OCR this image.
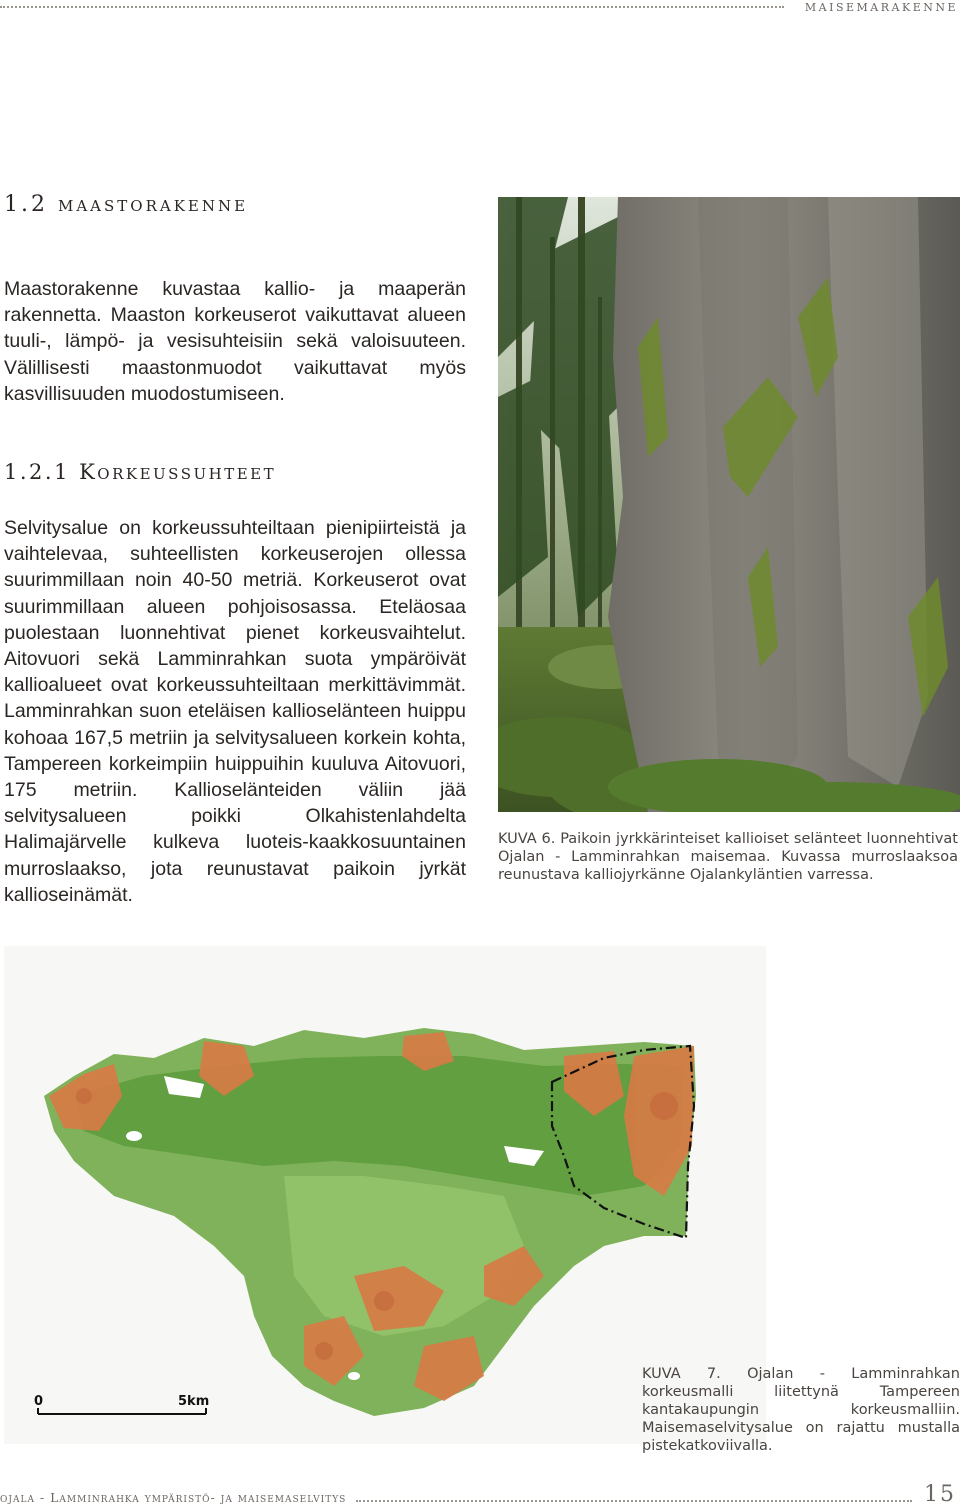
maisemarakenne
1.2 maastorakenne

Maastorakenne kuvastaa kallio- ja maaperän rakennetta. Maaston korkeuserot vaikuttavat alueen tuuli-, lämpö- ja vesisuhteisiin sekä valoisuuteen. Välillisesti maastonmuodot vaikuttavat myös kasvillisuuden muodostumiseen.

1.2.1 Korkeussuhteet

Selvitysalue on korkeussuhteiltaan pienipiirteistä ja vaihtelevaa, suhteellisten korkeuserojen ollessa suurimmillaan noin 40-50 metriä. Korkeuserot ovat suurimmillaan alueen pohjoisosassa. Eteläosaa puolestaan luonnehtivat pienet korkeusvaihtelut. Aitovuori sekä Lamminrahkan suota ympäröivät kallioalueet ovat korkeussuhteiltaan merkittävimmät. Lamminrahkan suon eteläisen kallioselänteen huippu kohoaa 167,5 metriin ja selvitysalueen korkein kohta, Tampereen korkeimpiin huippuihin kuuluva Aitovuori, 175 metriin. Kallioselänteiden väliin jää selvitysalueen poikki Olkahistenlahdelta Halimajärvelle kulkeva luoteis-kaakkosuuntainen murroslaakso, jota reunustavat paikoin jyrkät kallioseinämät.

KUVA 6. Paikoin jyrkkärinteiset kallioiset selänteet luonnehtivat Ojalan - Lamminrahkan maisemaa. Kuvassa murroslaaksoa reunustava kalliojyrkänne Ojalankyläntien varressa.

0	5km

KUVA 7. Ojalan - Lamminrahkan korkeusmalli liitettynä Tampereen kantakaupungin korkeusmalliin. Maisemaselvitysalue on rajattu mustalla pistekatkoviivalla.

ojala - Lamminrahka ympäristö- ja maisemaselvitys	15
